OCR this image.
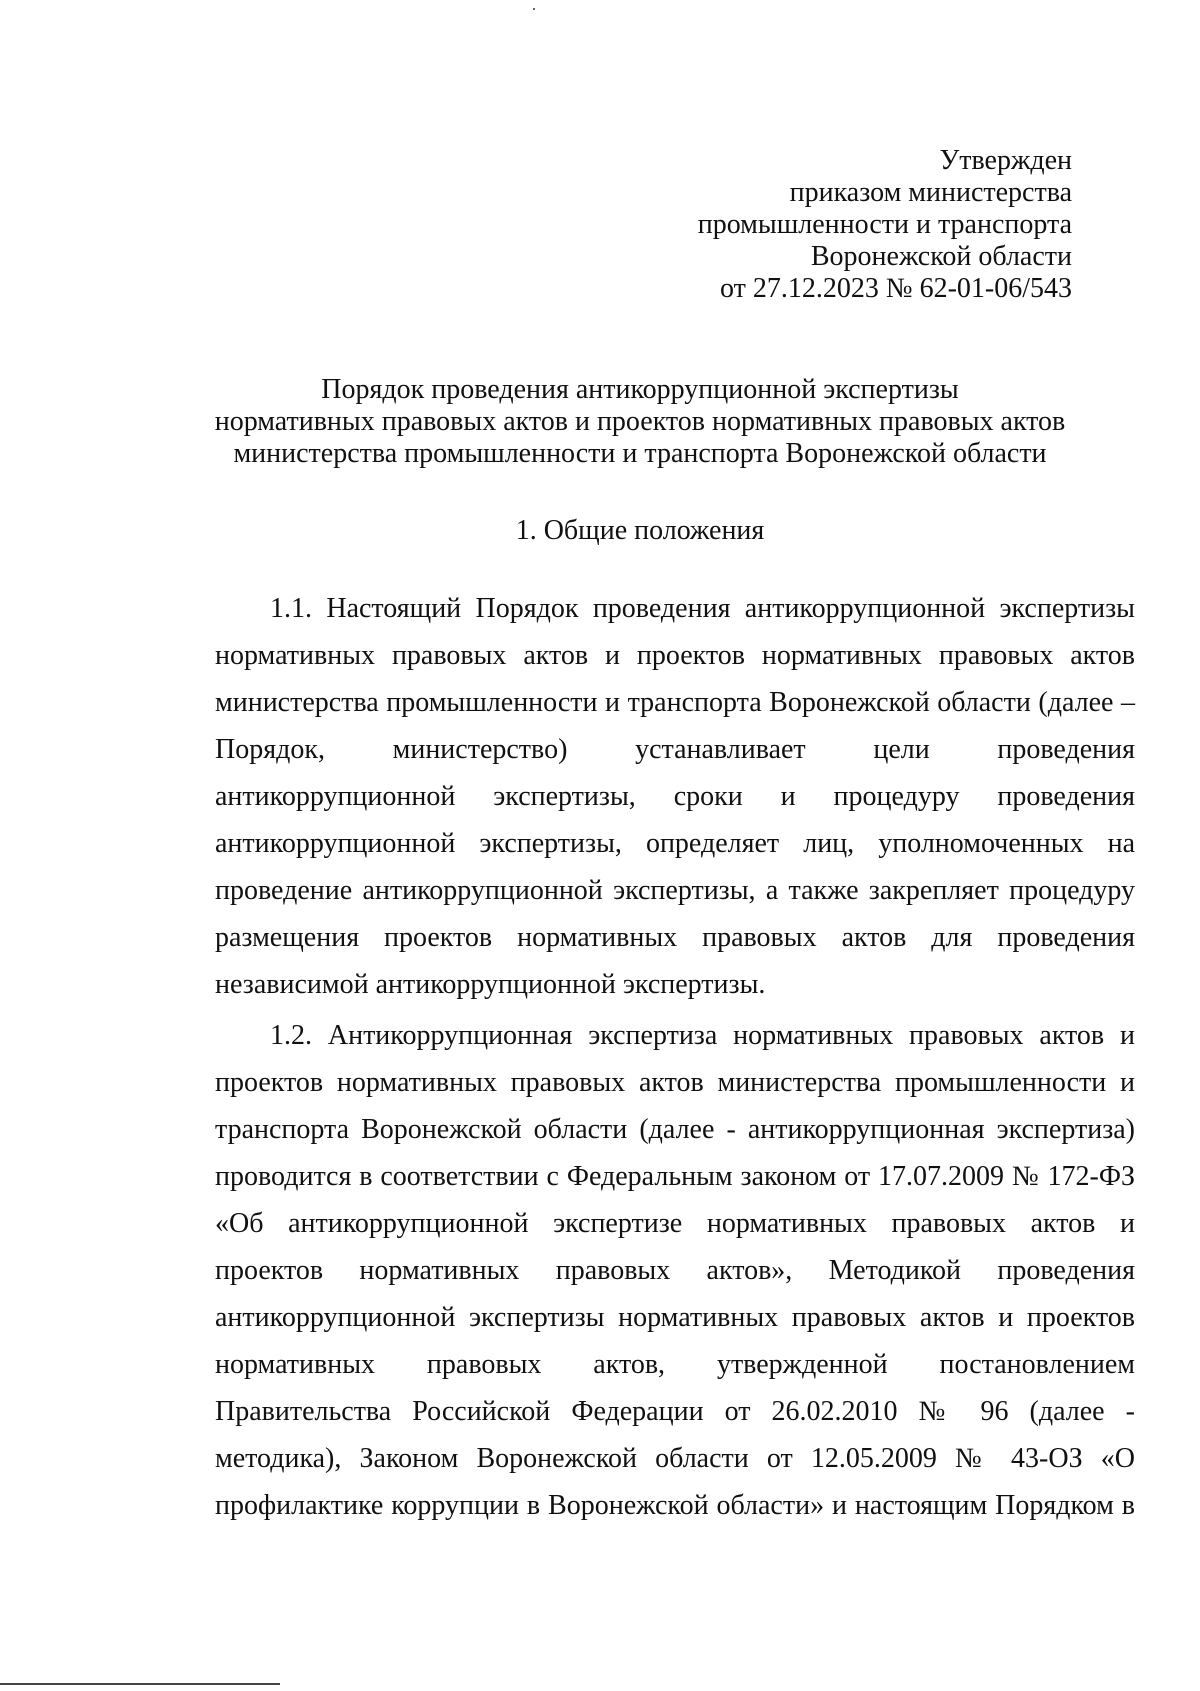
Утвержден
приказом министерства
промышленности и транспорта
Воронежской области
от 27.12.2023 № 62-01-06/543
Порядок проведения антикоррупционной экспертизы
нормативных правовых актов и проектов нормативных правовых актов
министерства промышленности и транспорта Воронежской области
1. Общие положения
1.1. Настоящий Порядок проведения антикоррупционной экспертизы
нормативных правовых актов и проектов нормативных правовых актов
министерства промышленности и транспорта Воронежской области (далее –
Порядок, министерство) устанавливает цели проведения
антикоррупционной экспертизы, сроки и процедуру проведения
антикоррупционной экспертизы, определяет лиц, уполномоченных на
проведение антикоррупционной экспертизы, а также закрепляет процедуру
размещения проектов нормативных правовых актов для проведения
независимой антикоррупционной экспертизы.
1.2. Антикоррупционная экспертиза нормативных правовых актов и
проектов нормативных правовых актов министерства промышленности и
транспорта Воронежской области (далее - антикоррупционная экспертиза)
проводится в соответствии с Федеральным законом от 17.07.2009 № 172-ФЗ
«Об антикоррупционной экспертизе нормативных правовых актов и
проектов нормативных правовых актов», Методикой проведения
антикоррупционной экспертизы нормативных правовых актов и проектов
нормативных правовых актов, утвержденной постановлением
Правительства Российской Федерации от 26.02.2010 № 96 (далее -
методика), Законом Воронежской области от 12.05.2009 № 43-ОЗ «О
профилактике коррупции в Воронежской области» и настоящим Порядком в
